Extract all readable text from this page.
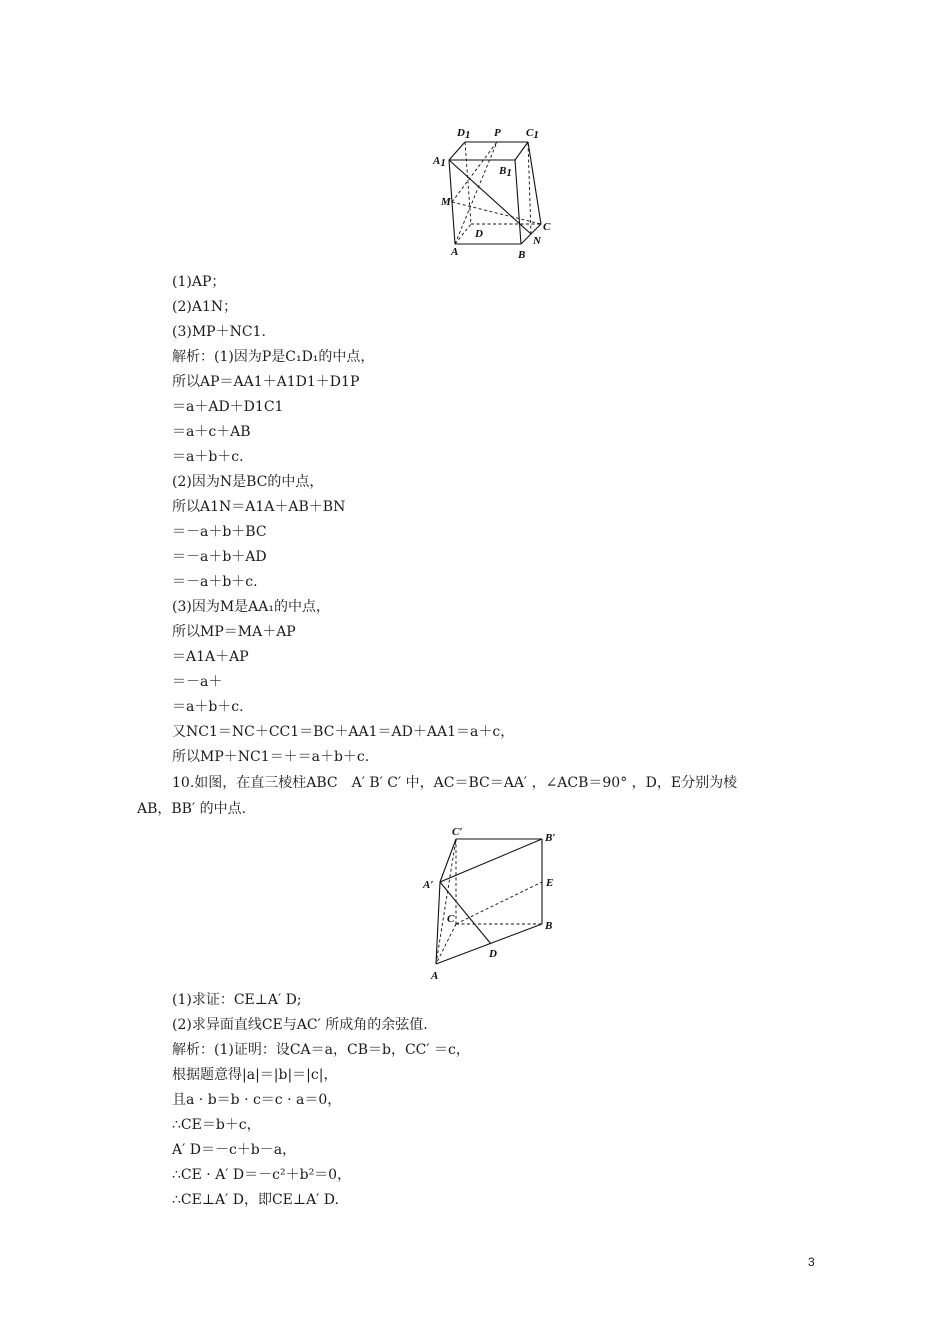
D1 P C1
A1
B1
M
D
C
N
A	B
(1)AP；
(2)A1N；
(3)MP＋NC1.
解析：(1)因为P是C₁D₁的中点，
所以AP＝AA1＋A1D1＋D1P
＝a＋AD＋D1C1
＝a＋c＋AB
＝a＋b＋c.
(2)因为N是BC的中点，
所以A1N＝A1A＋AB＋BN
＝－a＋b＋BC
＝－a＋b＋AD
＝－a＋b＋c.
(3)因为M是AA₁的中点，
所以MP＝MA＋AP
＝A1A＋AP
＝－a＋
＝a＋b＋c.
又NC1＝NC＋CC1＝BC＋AA1＝AD＋AA1＝a＋c，
所以MP＋NC1＝＋＝a＋b＋c.
10.如图，在直三棱柱ABC　A′ B′ C′ 中，AC＝BC＝AA′ ，∠ACB＝90° ，D，E分别为棱
AB，BB′ 的中点.
C′	B′
A′	E
C
B
D
A
(1)求证：CE⊥A′ D;
(2)求异面直线CE与AC′ 所成角的余弦值.
解析：(1)证明：设CA＝a，CB＝b，CC′ ＝c，
根据题意得|a|＝|b|＝|c|，
且a · b＝b · c＝c · a＝0，
∴CE＝b＋c，
A′ D＝－c＋b－a，
∴CE · A′ D＝－c²＋b²＝0，
∴CE⊥A′ D，即CE⊥A′ D.
3
